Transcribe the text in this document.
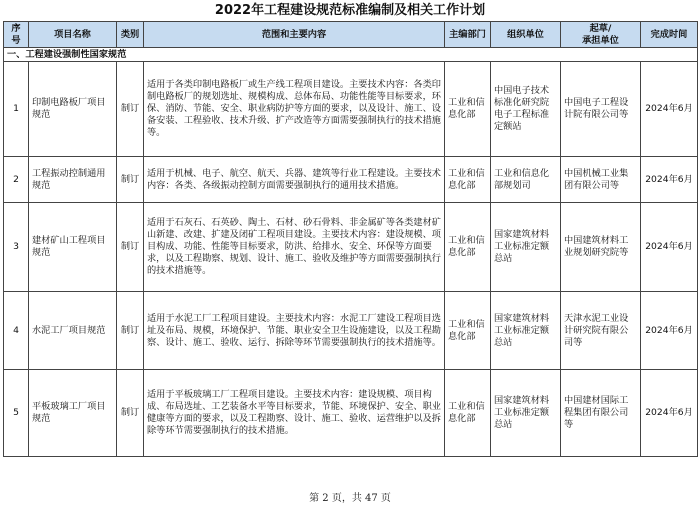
2022年工程建设规范标准编制及相关工作计划
序号	项目名称	类别	范围和主要内容	主编部门	组织单位	起草/
承担单位	完成时间
一、工程建设强制性国家规范							
1	印制电路板厂项目规范	制订	适用于各类印制电路板厂或生产线工程项目建设。主要技术内容：各类印制电路板厂的规划选址、规模构成、总体布局、功能性能等目标要求，环保、消防、节能、安全、职业病防护等方面的要求，以及设计、施工、设备安装、工程验收、技术升级、扩产改造等方面需要强制执行的技术措施等。	工业和信息化部	中国电子技术标准化研究院电子工程标准定额站	中国电子工程设计院有限公司等	2024年6月
2	工程振动控制通用规范	制订	适用于机械、电子、航空、航天、兵器、建筑等行业工程建设。主要技术内容：各类、各级振动控制方面需要强制执行的通用技术措施。	工业和信息化部	工业和信息化部规划司	中国机械工业集团有限公司等	2024年6月
3	建材矿山工程项目规范	制订	适用于石灰石、石英砂、陶土、石材、砂石骨料、非金属矿等各类建材矿山新建、改建、扩建及闭矿工程项目建设。主要技术内容：建设规模、项目构成、功能、性能等目标要求，防洪、给排水、安全、环保等方面要求，以及工程勘察、规划、设计、施工、验收及维护等方面需要强制执行的技术措施等。	工业和信息化部	国家建筑材料工业标准定额总站	中国建筑材料工业规划研究院等	2024年6月
4	水泥工厂项目规范	制订	适用于水泥工厂工程项目建设。主要技术内容：水泥工厂建设工程项目选址及布局、规模，环境保护、节能、职业安全卫生设施建设，以及工程勘察、设计、施工、验收、运行、拆除等环节需要强制执行的技术措施等。	工业和信息化部	国家建筑材料工业标准定额总站	天津水泥工业设计研究院有限公司等	2024年6月
5	平板玻璃工厂项目规范	制订	适用于平板玻璃工厂工程项目建设。主要技术内容：建设规模、项目构成、布局选址、工艺装备水平等目标要求，节能、环境保护、安全、职业健康等方面的要求，以及工程勘察、设计、施工、验收、运营维护以及拆除等环节需要强制执行的技术措施。	工业和信息化部	国家建筑材料工业标准定额总站	中国建材国际工程集团有限公司等	2024年6月
第 2 页，共 47 页
